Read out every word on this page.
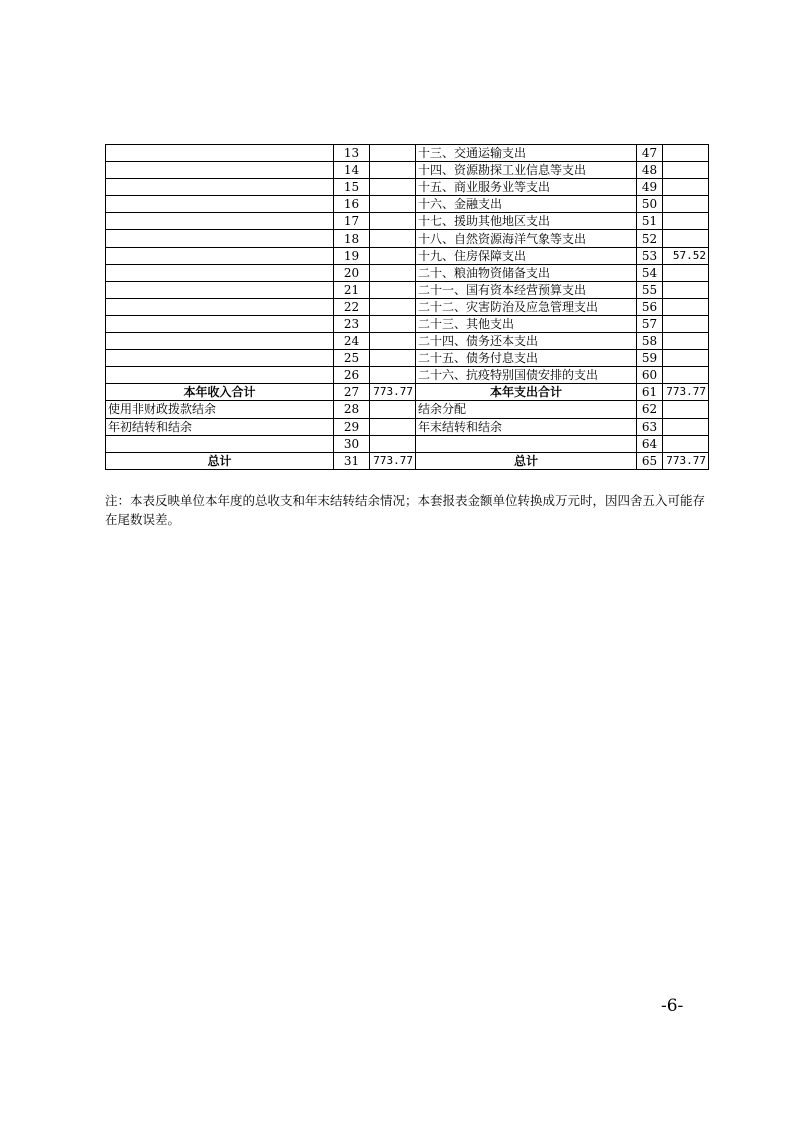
	13		十三、交通运输支出	47	
	14		十四、资源勘探工业信息等支出	48	
	15		十五、商业服务业等支出	49	
	16		十六、金融支出	50	
	17		十七、援助其他地区支出	51	
	18		十八、自然资源海洋气象等支出	52	
	19		十九、住房保障支出	53	57.52
	20		二十、粮油物资储备支出	54	
	21		二十一、国有资本经营预算支出	55	
	22		二十二、灾害防治及应急管理支出	56	
	23		二十三、其他支出	57	
	24		二十四、债务还本支出	58	
	25		二十五、债务付息支出	59	
	26		二十六、抗疫特别国债安排的支出	60	
本年收入合计	27	773.77	本年支出合计	61	773.77
使用非财政拨款结余	28		结余分配	62	
年初结转和结余	29		年末结转和结余	63	
	30			64	
总计	31	773.77	总计	65	773.77
注：本表反映单位本年度的总收支和年末结转结余情况；本套报表金额单位转换成万元时，因四舍五入可能存在尾数误差。
-6-
